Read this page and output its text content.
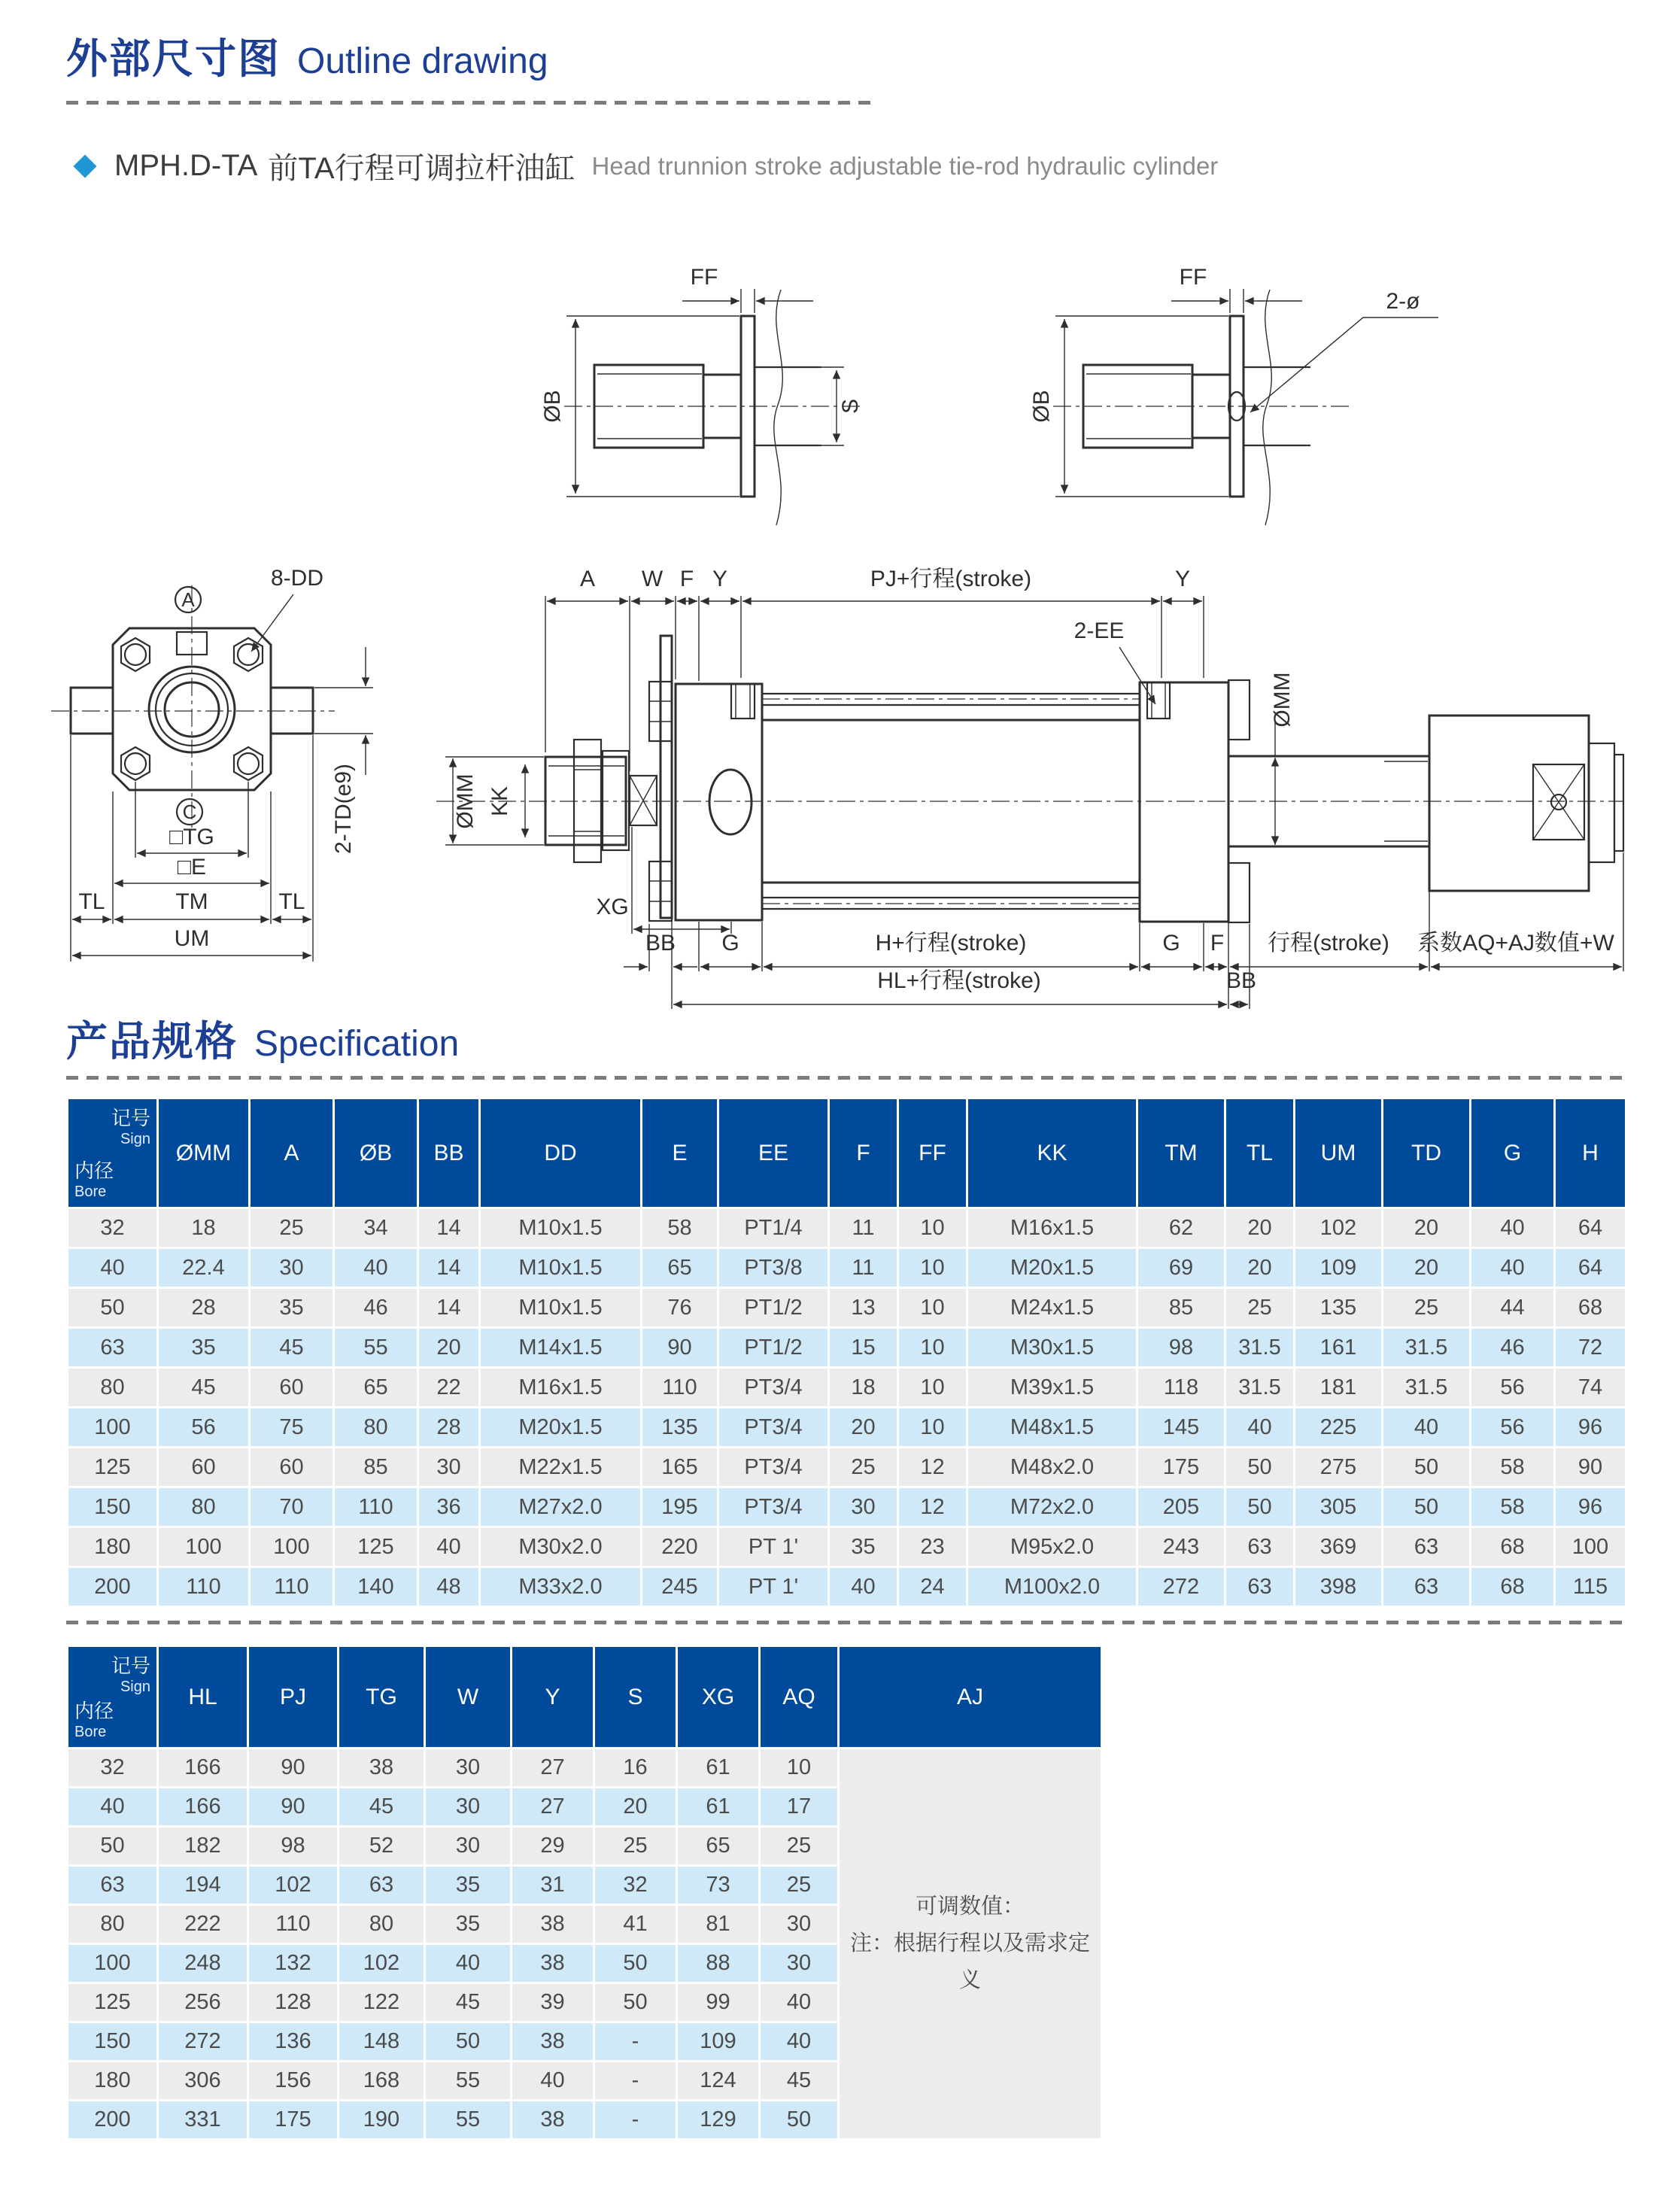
外部尺寸图 Outline drawing
MPH.D-TA 前TA行程可调拉杆油缸 Head trunnion stroke adjustable tie-rod hydraulic cylinder
ØB	S
FF
ØB
FF
2-ø
A
8-DD
C
□TG
□E
TL	TM	TL
UM
2-TD(e9)	KK
ØMM
ØMM
2-EE
A W F Y	PJ+行程(stroke)	Y
XG
BB G	H+行程(stroke)	G F 行程(stroke) 系数AQ+AJ数值+W
HL+行程(stroke)	BB
产品规格 Specification
记号
Sign
内径
Bore	ØMM	A	ØB	BB	DD	E	EE	F	FF	KK	TM	TL	UM	TD	G	H
32	18	25	34	14	M10x1.5	58	PT1/4	11	10	M16x1.5	62	20	102	20	40	64
40	22.4	30	40	14	M10x1.5	65	PT3/8	11	10	M20x1.5	69	20	109	20	40	64
50	28	35	46	14	M10x1.5	76	PT1/2	13	10	M24x1.5	85	25	135	25	44	68
63	35	45	55	20	M14x1.5	90	PT1/2	15	10	M30x1.5	98	31.5	161	31.5	46	72
80	45	60	65	22	M16x1.5	110	PT3/4	18	10	M39x1.5	118	31.5	181	31.5	56	74
100	56	75	80	28	M20x1.5	135	PT3/4	20	10	M48x1.5	145	40	225	40	56	96
125	60	60	85	30	M22x1.5	165	PT3/4	25	12	M48x2.0	175	50	275	50	58	90
150	80	70	110	36	M27x2.0	195	PT3/4	30	12	M72x2.0	205	50	305	50	58	96
180	100	100	125	40	M30x2.0	220	PT 1'	35	23	M95x2.0	243	63	369	63	68	100
200	110	110	140	48	M33x2.0	245	PT 1'	40	24	M100x2.0	272	63	398	63	68	115
记号
Sign
内径
Bore	HL	PJ	TG	W	Y	S	XG	AQ	AJ
32	166	90	38	30	27	16	61	10	可调数值：
注：根据行程以及需求定义

40	166	90	45	30	27	20	61	17	
50	182	98	52	30	29	25	65	25	
63	194	102	63	35	31	32	73	25	
80	222	110	80	35	38	41	81	30	
100	248	132	102	40	38	50	88	30	
125	256	128	122	45	39	50	99	40	
150	272	136	148	50	38	-	109	40	
180	306	156	168	55	40	-	124	45	
200	331	175	190	55	38	-	129	50	
